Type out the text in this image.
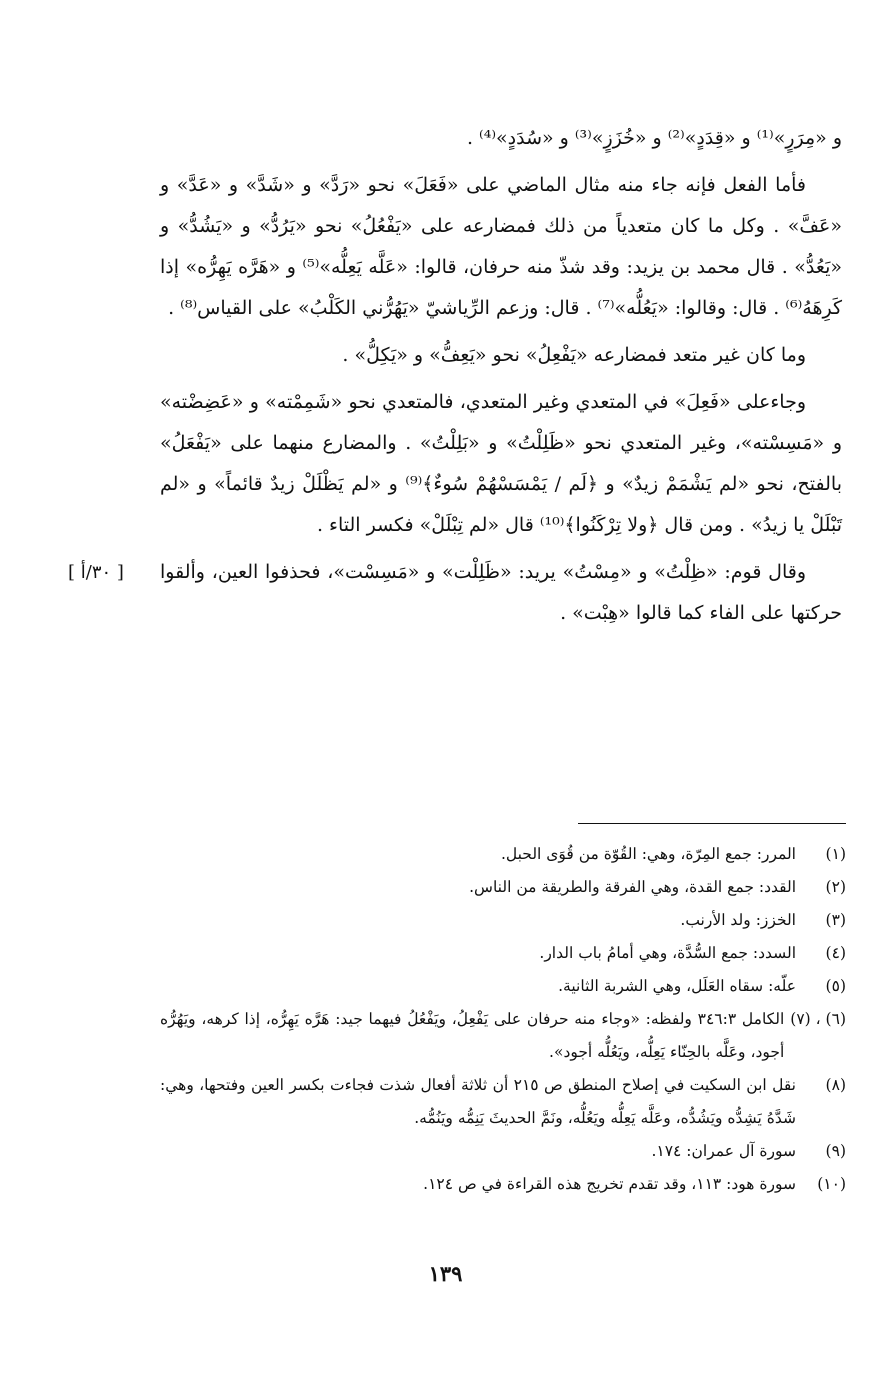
و «مِرَرٍ»⁽¹⁾ و «قِدَدٍ»⁽²⁾ و «خُزَزٍ»⁽³⁾ و «سُدَدٍ»⁽⁴⁾ .

فأما الفعل فإنه جاء منه مثال الماضي على «فَعَلَ» نحو «رَدَّ» و «شَدَّ» و «عَدَّ» و «عَفَّ» . وكل ما كان متعدياً من ذلك فمضارعه على «يَفْعُلُ» نحو «يَرُدُّ» و «يَشُدُّ» و «يَعُدُّ» . قال محمد بن يزيد: وقد شذّ منه حرفان، قالوا: «عَلَّه يَعِلُّه»⁽⁵⁾ و «هَرَّه يَهِرُّه» إذا كَرِهَهُ⁽⁶⁾ . قال: وقالوا: «يَعُلُّه»⁽⁷⁾ . قال: وزعم الرِّياشيّ «يَهُرُّني الكَلْبُ» على القياس⁽⁸⁾ .

وما كان غير متعد فمضارعه «يَفْعِلُ» نحو «يَعِفُّ» و «يَكِلُّ» .

وجاءعلى «فَعِلَ» في المتعدي وغير المتعدي، فالمتعدي نحو «شَمِمْته» و «عَضِضْته» و «مَسِسْته»، وغير المتعدي نحو «ظَلِلْتُ» و «بَلِلْتُ» . والمضارع منهما على «يَفْعَلُ» بالفتح، نحو «لم يَشْمَمْ زيدٌ» و ﴿لَم / يَمْسَسْهُمْ سُوءٌ﴾⁽⁹⁾ و «لم يَظْلَلْ زيدٌ قائماً» و «لم تَبْلَلْ يا زيدُ» . ومن قال ﴿ولا تِرْكَنُوا﴾⁽¹⁰⁾ قال «لم تِبْلَلْ» فكسر التاء .

وقال قوم: «ظِلْتُ» و «مِسْتُ» يريد: «ظَلِلْت» و «مَسِسْت»، فحذفوا العين، وألقوا حركتها على الفاء كما قالوا «هِبْت» .

[ ٣٠/أ ]
(١)
المرر: جمع المِرّة، وهي: القُوّة من قُوَى الحبل.
(٢)
القدد: جمع القدة، وهي الفرقة والطريقة من الناس.
(٣)
الخزز: ولد الأرنب.
(٤)
السدد: جمع السُّدَّة، وهي أمامُ باب الدار.
(٥)
علّه: سقاه العَلَل، وهي الشربة الثانية.
(٦) ، (٧)
الكامل ٣٤٦:٣ ولفظه: «وجاء منه حرفان على يَفْعِلُ، ويَفْعُلُ فيهما جيد: هَرَّه يَهِرُّه، إذا كرهه، ويَهُرُّه أجود، وعَلَّه بالحِنّاء يَعِلُّه، ويَعُلُّه أجود».
(٨)
نقل ابن السكيت في إصلاح المنطق ص ٢١٥ أن ثلاثة أفعال شذت فجاءت بكسر العين وفتحها، وهي: شَدَّهُ يَشِدُّه ويَشُدُّه، وعَلَّه يَعِلُّه ويَعُلُّه، ونَمَّ الحديثَ يَنِمُّه ويَنُمُّه.
(٩)
سورة آل عمران: ١٧٤.
(١٠)
سورة هود: ١١٣، وقد تقدم تخريج هذه القراءة في ص ١٢٤.
١٣٩
